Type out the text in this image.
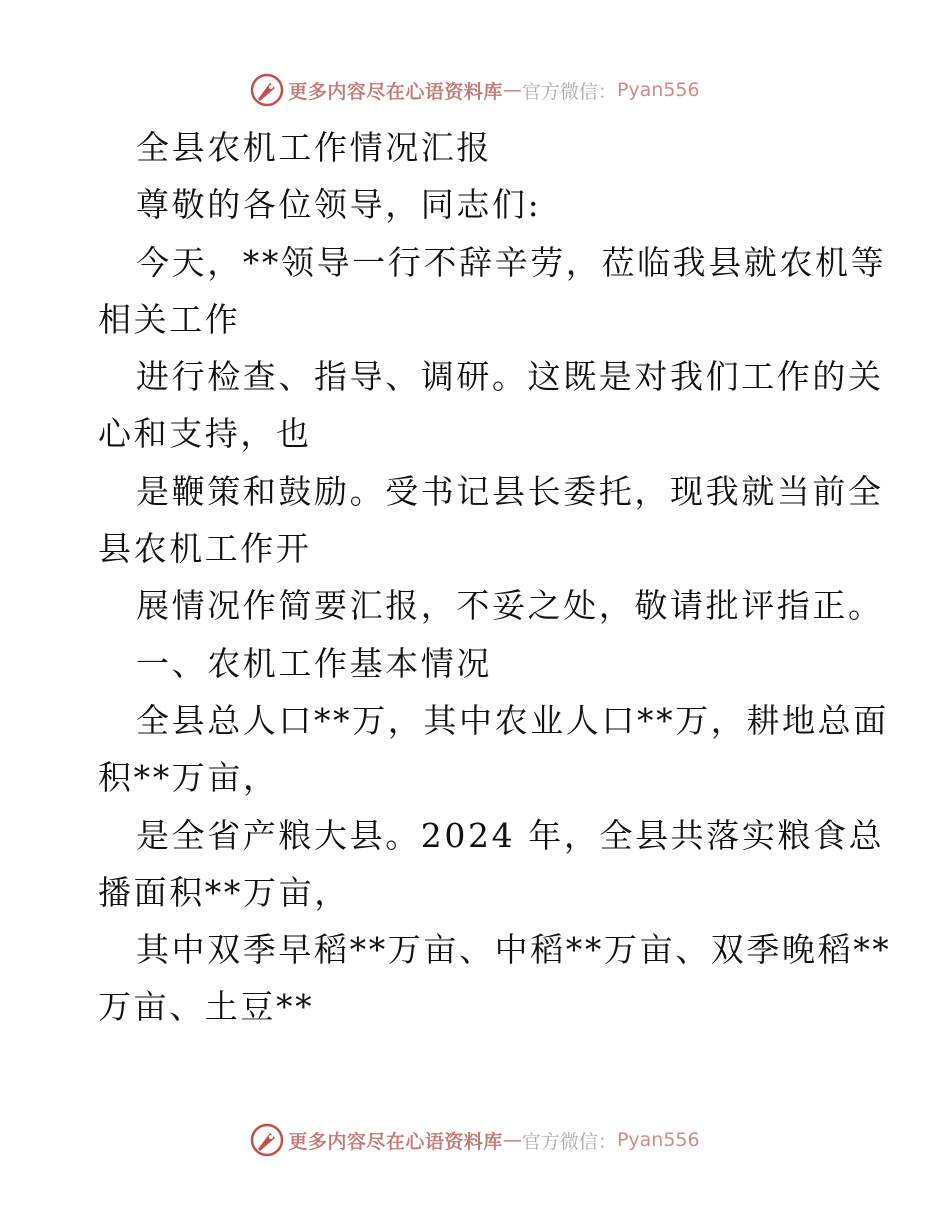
更多内容尽在心语资料库 — 官方微信： Pyan556
全县农机工作情况汇报
尊敬的各位领导，同志们:
今天，**领导一行不辞辛劳，莅临我县就农机等
相关工作
进行检查、指导、调研。这既是对我们工作的关
心和支持，也
是鞭策和鼓励。受书记县长委托，现我就当前全
县农机工作开
展情况作简要汇报，不妥之处，敬请批评指正。
一、农机工作基本情况
全县总人口**万，其中农业人口**万，耕地总面
积**万亩，
是全省产粮大县。2024 年，全县共落实粮食总
播面积**万亩，
其中双季早稻**万亩、中稻**万亩、双季晚稻**
万亩、土豆**
更多内容尽在心语资料库 — 官方微信： Pyan556
